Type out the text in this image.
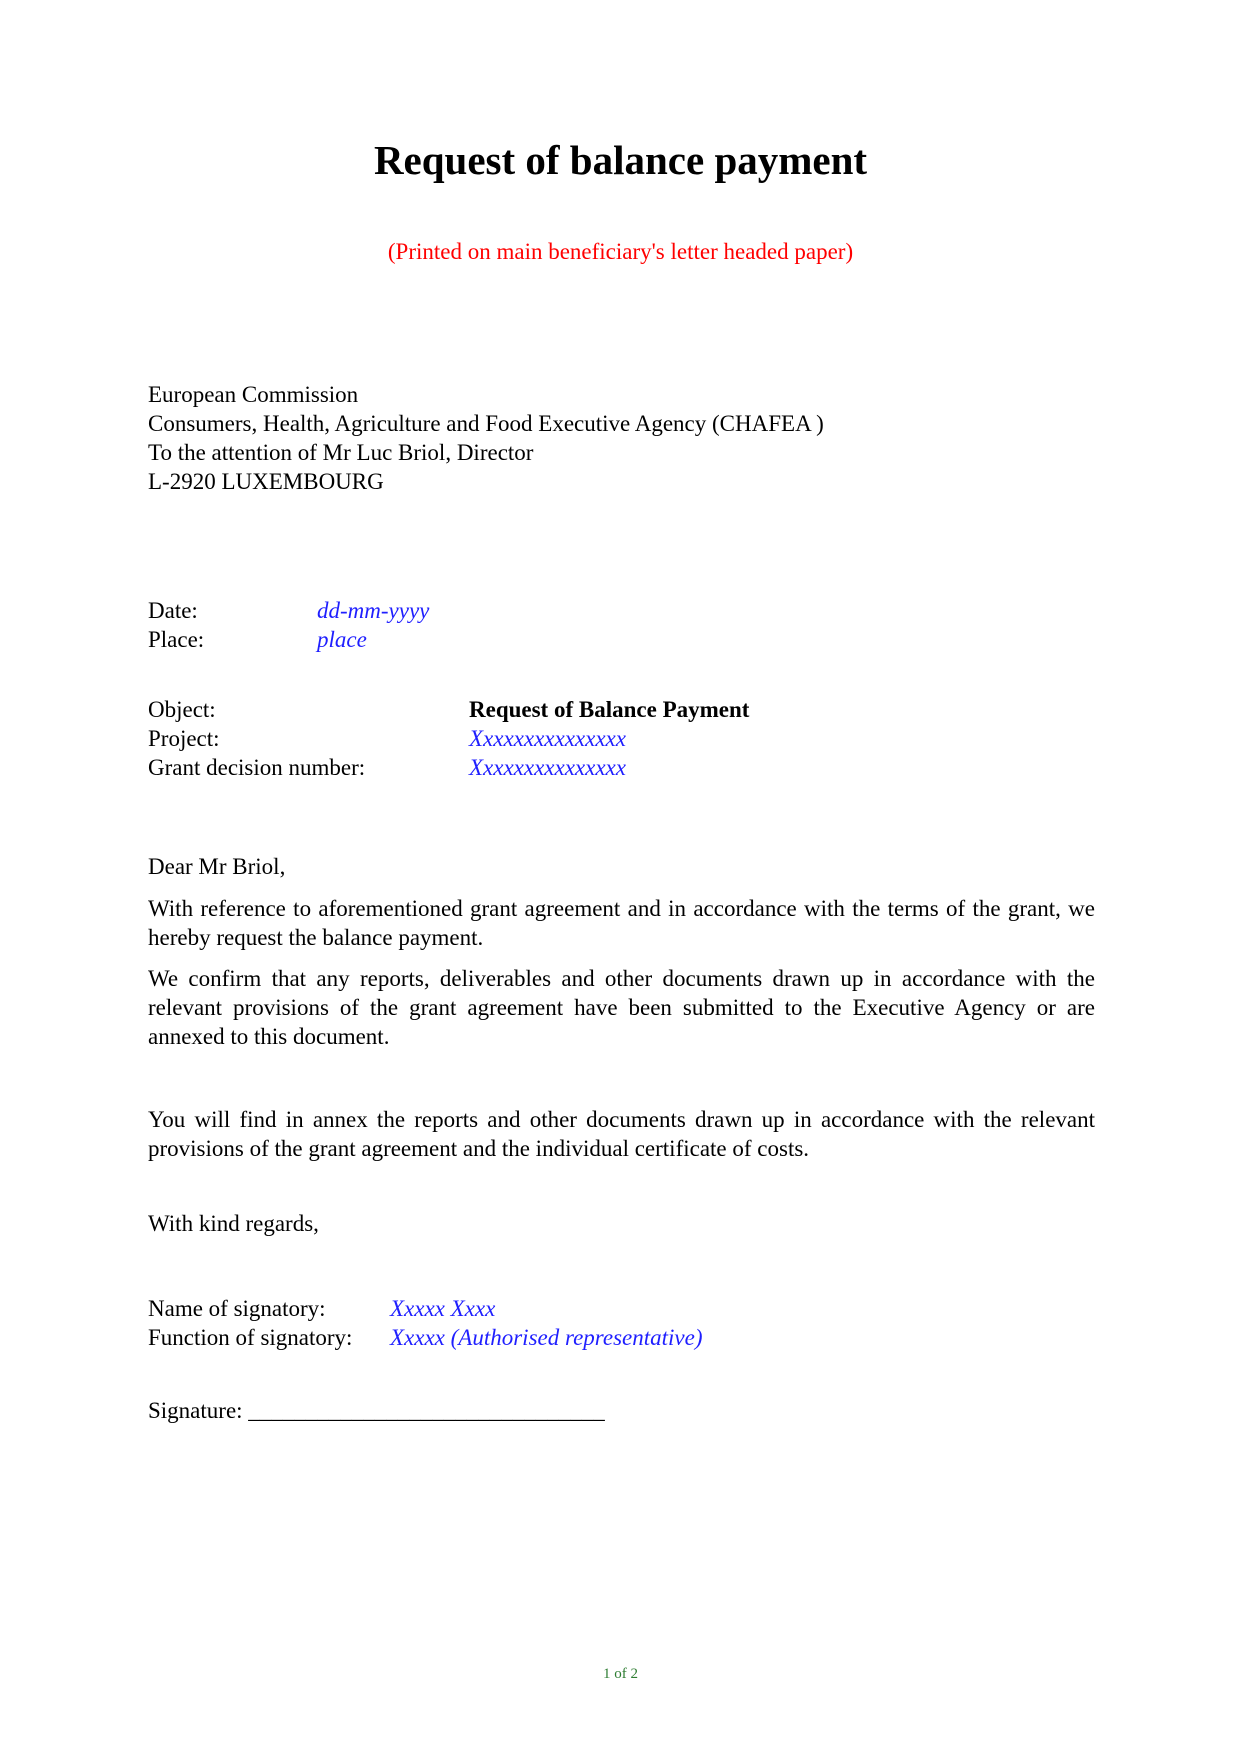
Request of balance payment
(Printed on main beneficiary's letter headed paper)
European Commission
Consumers, Health, Agriculture and Food Executive Agency (CHAFEA )
To the attention of Mr Luc Briol, Director
L-2920 LUXEMBOURG
Date:	dd-mm-yyyy
Place:	place
Object:	Request of Balance Payment
Project:	Xxxxxxxxxxxxxxx
Grant decision number:	Xxxxxxxxxxxxxxx
Dear Mr Briol,

With reference to aforementioned grant agreement and in accordance with the terms of the grant, we hereby request the balance payment.

We confirm that any reports, deliverables and other documents drawn up in accordance with the relevant provisions of the grant agreement have been submitted to the Executive Agency or are annexed to this document.

You will find in annex the reports and other documents drawn up in accordance with the relevant provisions of the grant agreement and the individual certificate of costs.

With kind regards,
Name of signatory:	Xxxxx Xxxx
Function of signatory: Xxxxx (Authorised representative)
Signature: _______________________________
1 of 2
